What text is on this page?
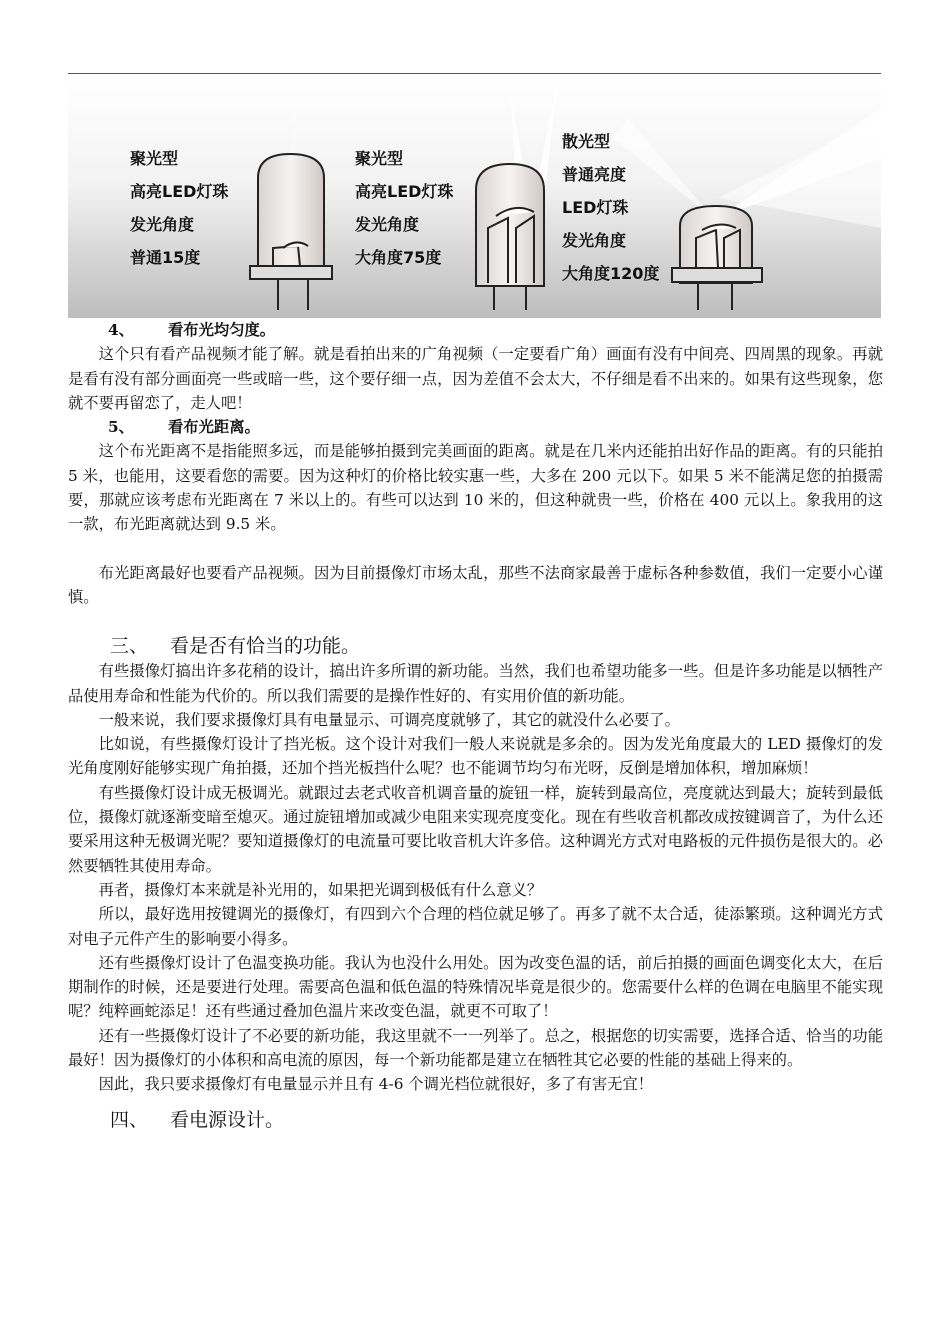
聚光型
高亮LED灯珠
发光角度
普通15度
聚光型
高亮LED灯珠
发光角度
大角度75度
散光型
普通亮度
LED灯珠
发光角度
大角度120度
4、 看布光均匀度。

这个只有看产品视频才能了解。就是看拍出来的广角视频（一定要看广角）画面有没有中间亮、四周黑的现象。再就是看有没有部分画面亮一些或暗一些，这个要仔细一点，因为差值不会太大，不仔细是看不出来的。如果有这些现象，您就不要再留恋了，走人吧！

5、 看布光距离。

这个布光距离不是指能照多远，而是能够拍摄到完美画面的距离。就是在几米内还能拍出好作品的距离。有的只能拍 5 米，也能用，这要看您的需要。因为这种灯的价格比较实惠一些，大多在 200 元以下。如果 5 米不能满足您的拍摄需要，那就应该考虑布光距离在 7 米以上的。有些可以达到 10 米的，但这种就贵一些，价格在 400 元以上。象我用的这一款，布光距离就达到 9.5 米。

布光距离最好也要看产品视频。因为目前摄像灯市场太乱，那些不法商家最善于虚标各种参数值，我们一定要小心谨慎。

三、 看是否有恰当的功能。

有些摄像灯搞出许多花稍的设计，搞出许多所谓的新功能。当然，我们也希望功能多一些。但是许多功能是以牺牲产品使用寿命和性能为代价的。所以我们需要的是操作性好的、有实用价值的新功能。

一般来说，我们要求摄像灯具有电量显示、可调亮度就够了，其它的就没什么必要了。

比如说，有些摄像灯设计了挡光板。这个设计对我们一般人来说就是多余的。因为发光角度最大的 LED 摄像灯的发光角度刚好能够实现广角拍摄，还加个挡光板挡什么呢？也不能调节均匀布光呀，反倒是增加体积，增加麻烦！

有些摄像灯设计成无极调光。就跟过去老式收音机调音量的旋钮一样，旋转到最高位，亮度就达到最大；旋转到最低位，摄像灯就逐渐变暗至熄灭。通过旋钮增加或减少电阻来实现亮度变化。现在有些收音机都改成按键调音了，为什么还要采用这种无极调光呢？要知道摄像灯的电流量可要比收音机大许多倍。这种调光方式对电路板的元件损伤是很大的。必然要牺牲其使用寿命。

再者，摄像灯本来就是补光用的，如果把光调到极低有什么意义？

所以，最好选用按键调光的摄像灯，有四到六个合理的档位就足够了。再多了就不太合适，徒添繁琐。这种调光方式对电子元件产生的影响要小得多。

还有些摄像灯设计了色温变换功能。我认为也没什么用处。因为改变色温的话，前后拍摄的画面色调变化太大，在后期制作的时候，还是要进行处理。需要高色温和低色温的特殊情况毕竟是很少的。您需要什么样的色调在电脑里不能实现呢？纯粹画蛇添足！还有些通过叠加色温片来改变色温，就更不可取了！

还有一些摄像灯设计了不必要的新功能，我这里就不一一列举了。总之，根据您的切实需要，选择合适、恰当的功能最好！因为摄像灯的小体积和高电流的原因，每一个新功能都是建立在牺牲其它必要的性能的基础上得来的。

因此，我只要求摄像灯有电量显示并且有 4-6 个调光档位就很好，多了有害无宜！

四、 看电源设计。
